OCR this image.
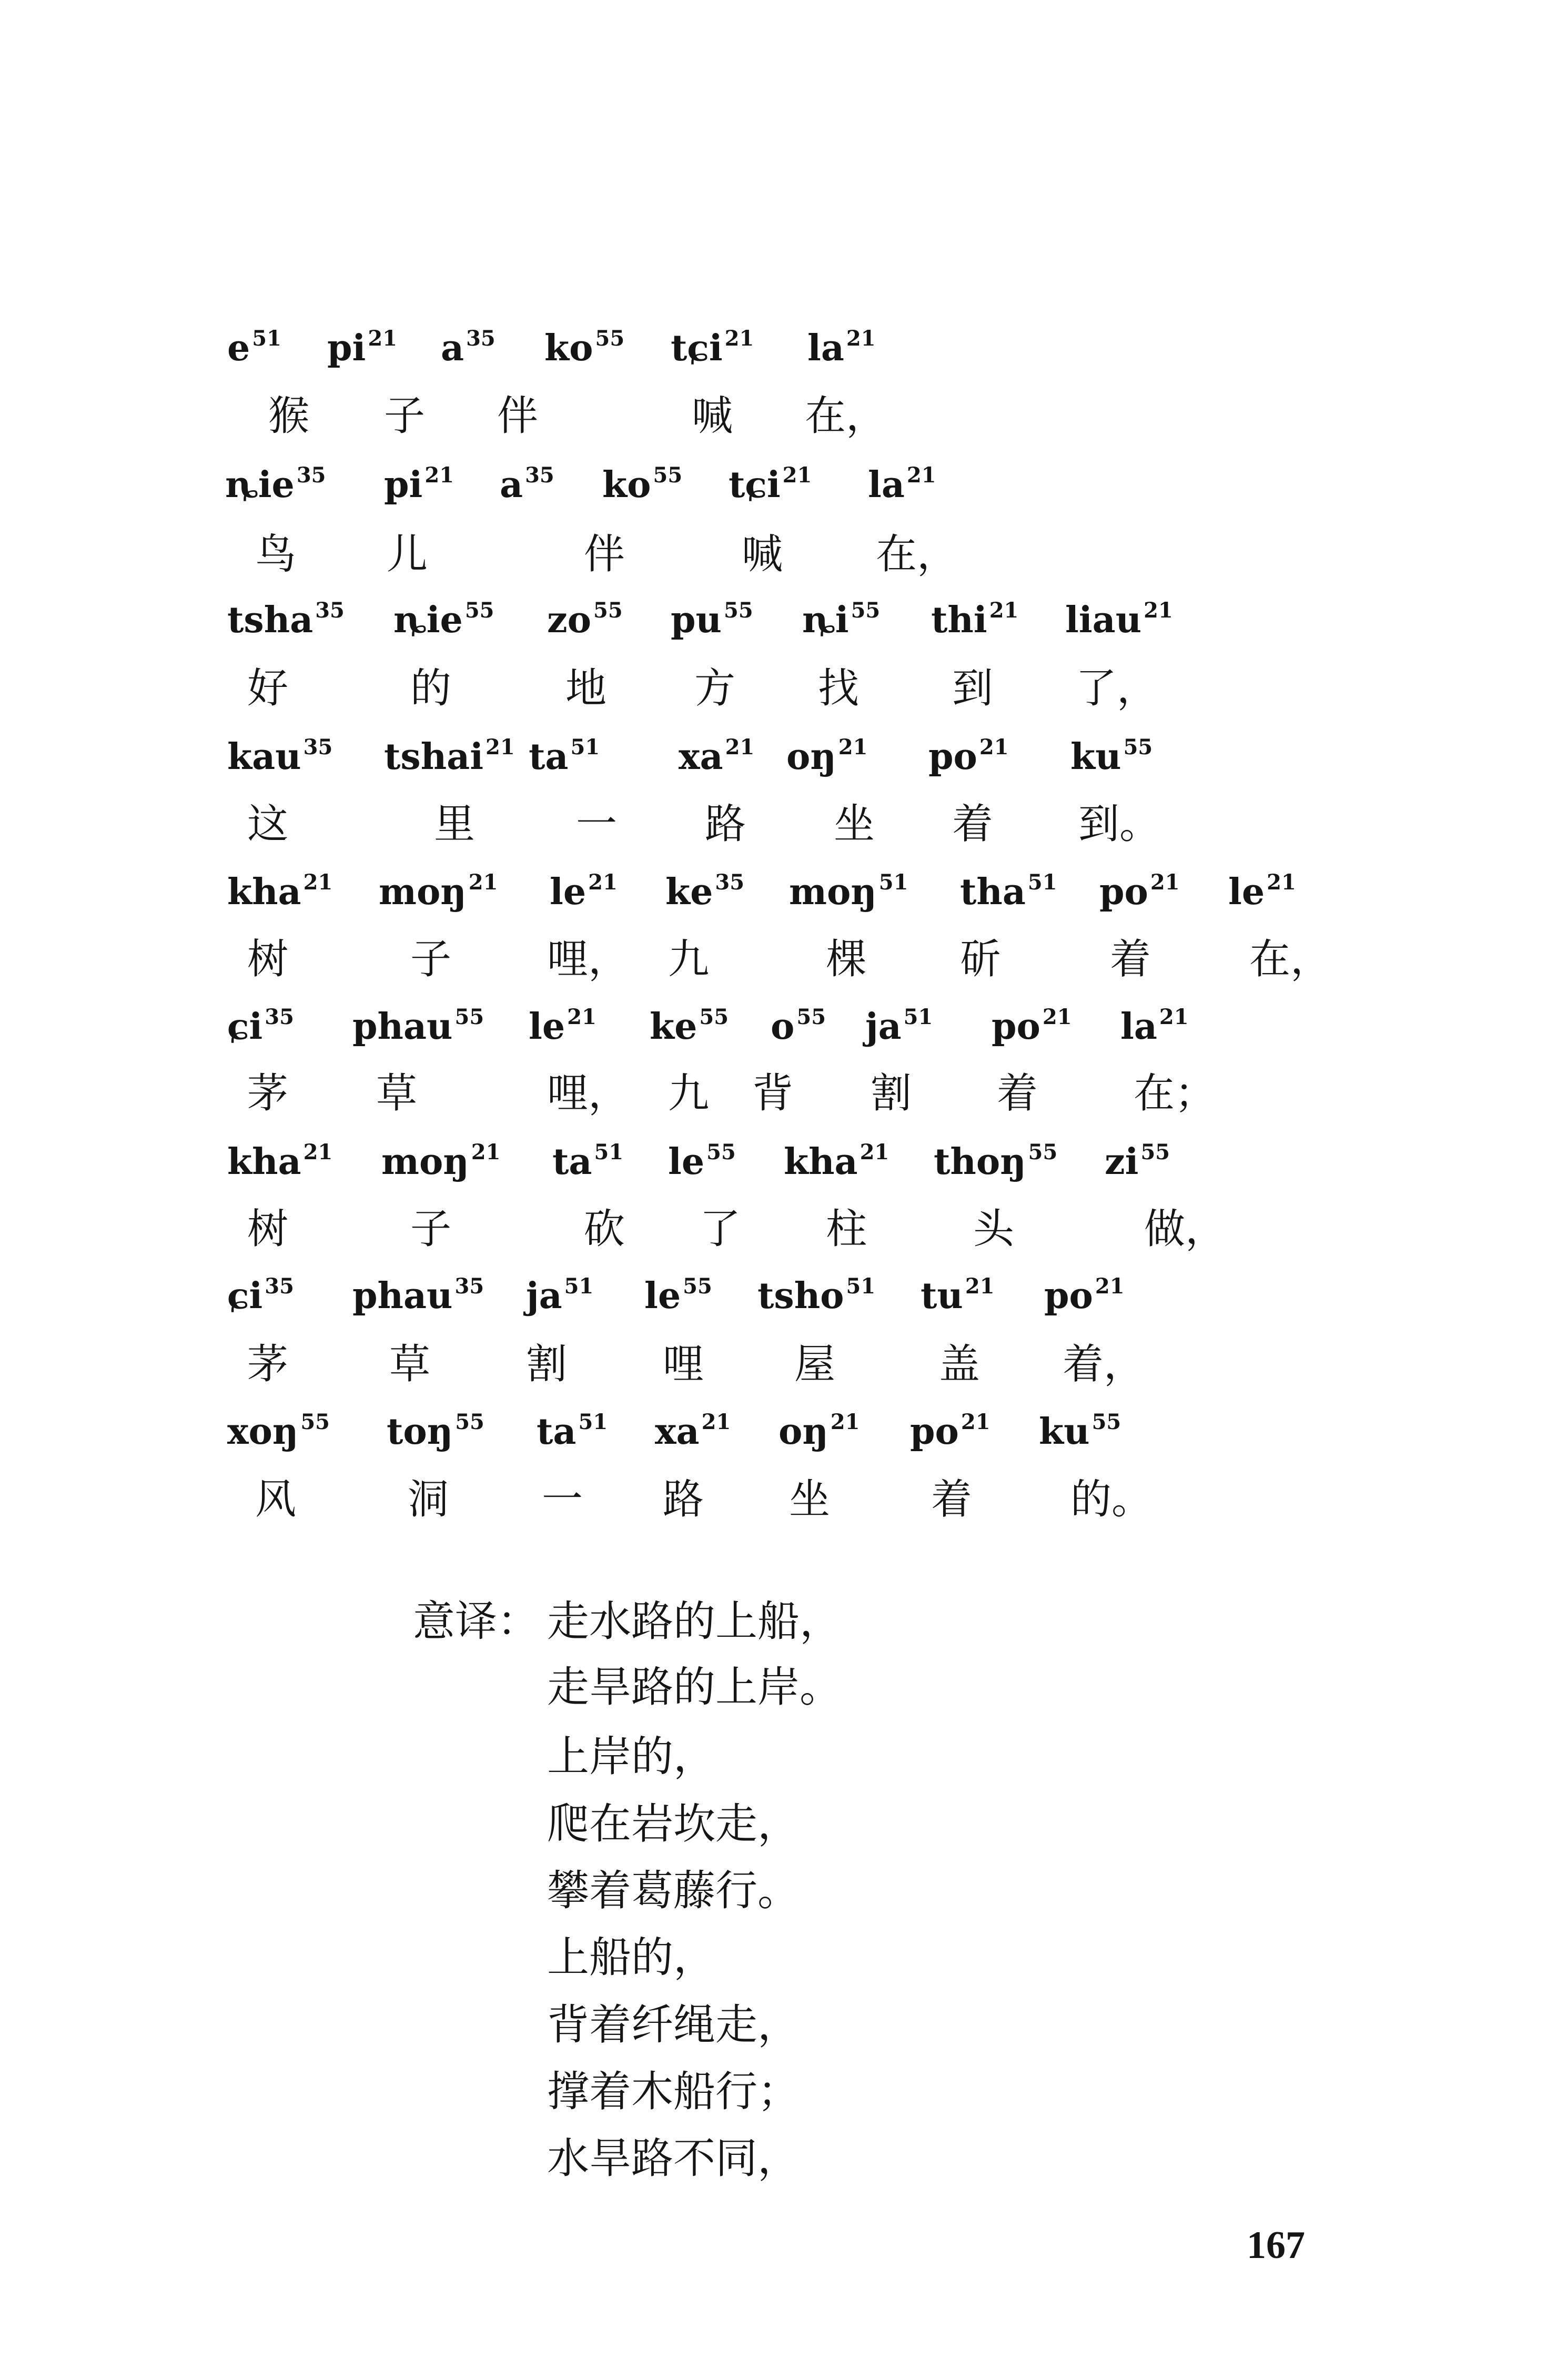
e $^{51}$ pi $^{21}$ a $^{35}$ ko $^{55}$ tɕi $^{21}$ la $^{21}$
猴 子 伴	喊 在，
ȵie $^{35}$ pi $^{21}$ a $^{35}$ ko $^{55}$ tɕi $^{21}$ la $^{21}$
鸟 儿	伴	喊 在，
tsha $^{35}$ ȵie $^{55}$ zo $^{55}$ pu $^{55}$ ȵi $^{55}$ thi $^{21}$ liau $^{21}$
好	的	地 方 找 到 了，
kau $^{35}$ tshai $^{21}$ ta $^{51}$ xa $^{21}$ oŋ $^{21}$ po $^{21}$ ku $^{55}$
这	里 一 路 坐 着 到。
kha $^{21}$ moŋ $^{21}$ le $^{21}$ ke $^{35}$ moŋ $^{51}$ tha $^{51}$ po $^{21}$ le $^{21}$
树	子 哩， 九	棵 斫	着 在，
ɕi $^{35}$ phau $^{55}$ le $^{21}$ ke $^{55}$ o $^{55}$ ja $^{51}$ po $^{21}$ la $^{21}$
茅 草	哩， 九 背 割 着 在；
kha $^{21}$ moŋ $^{21}$ ta $^{51}$ le $^{55}$ kha $^{21}$ thoŋ $^{55}$ zi $^{55}$
树	子	砍 了 柱	头	做，
ɕi $^{35}$ phau $^{35}$ ja $^{51}$ le $^{55}$ tsho $^{51}$ tu $^{21}$ po $^{21}$
茅 草 割 哩 屋	盖 着，
xoŋ $^{55}$ toŋ $^{55}$ ta $^{51}$ xa $^{21}$ oŋ $^{21}$ po $^{21}$ ku $^{55}$
风	洞 一 路 坐 着 的。
意译： 走水路的上船，
走旱路的上岸。
上岸的，
爬在岩坎走，
攀着葛藤行。
上船的，
背着纤绳走，
撑着木船行；
水旱路不同，
167
